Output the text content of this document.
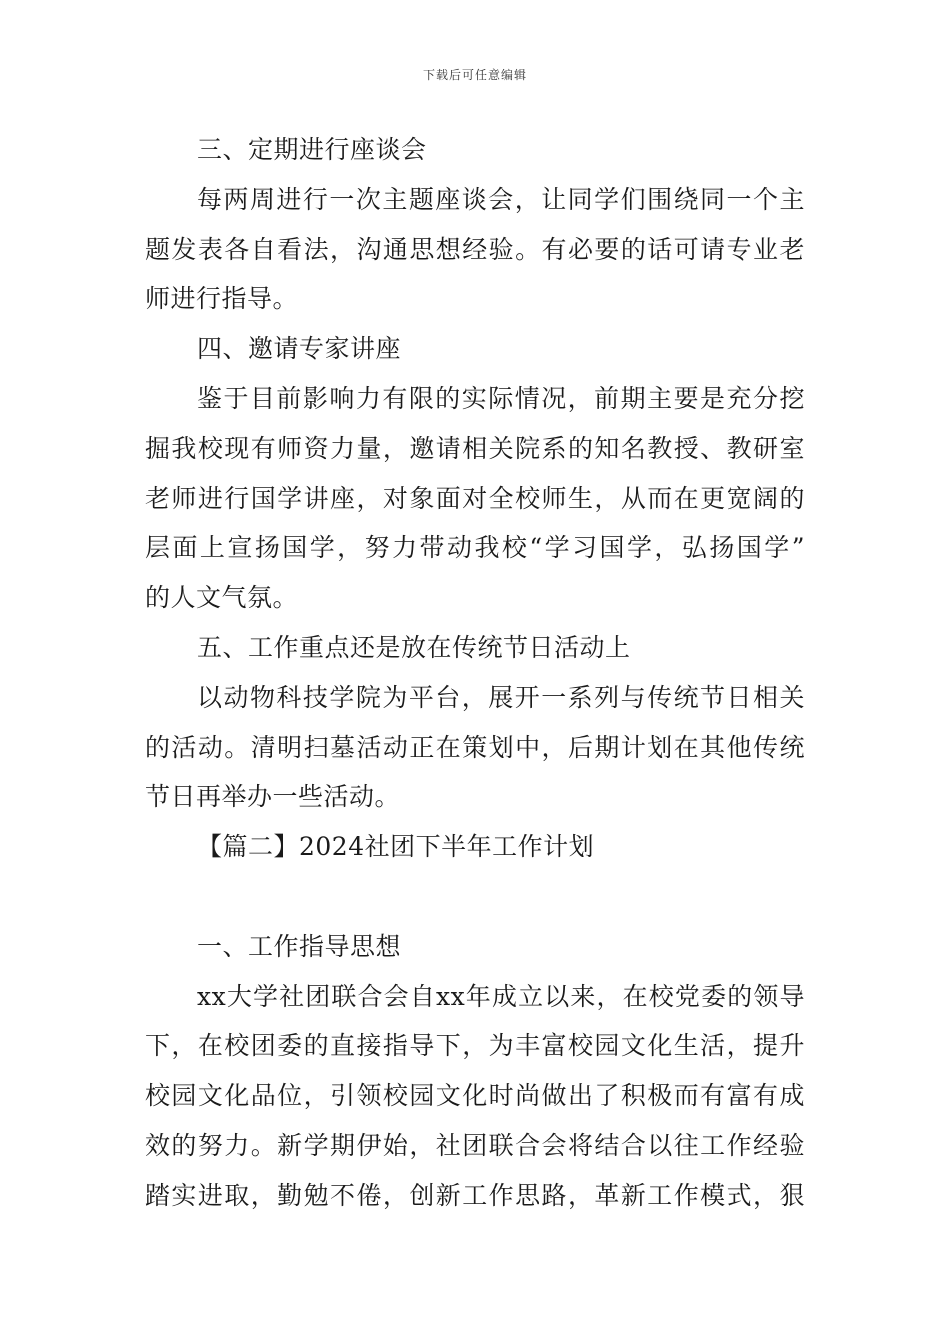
下载后可任意编辑
三、定期进行座谈会
每两周进行一次主题座谈会，让同学们围绕同一个主
题发表各自看法，沟通思想经验。有必要的话可请专业老
师进行指导。
四、邀请专家讲座
鉴于目前影响力有限的实际情况，前期主要是充分挖
掘我校现有师资力量，邀请相关院系的知名教授、教研室
老师进行国学讲座，对象面对全校师生，从而在更宽阔的
层面上宣扬国学，努力带动我校“学习国学，弘扬国学”
的人文气氛。
五、工作重点还是放在传统节日活动上
以动物科技学院为平台，展开一系列与传统节日相关
的活动。清明扫墓活动正在策划中，后期计划在其他传统
节日再举办一些活动。
【篇二】2024社团下半年工作计划
一、工作指导思想
xx大学社团联合会自xx年成立以来，在校党委的领导
下，在校团委的直接指导下，为丰富校园文化生活，提升
校园文化品位，引领校园文化时尚做出了积极而有富有成
效的努力。新学期伊始，社团联合会将结合以往工作经验
踏实进取，勤勉不倦，创新工作思路，革新工作模式，狠
